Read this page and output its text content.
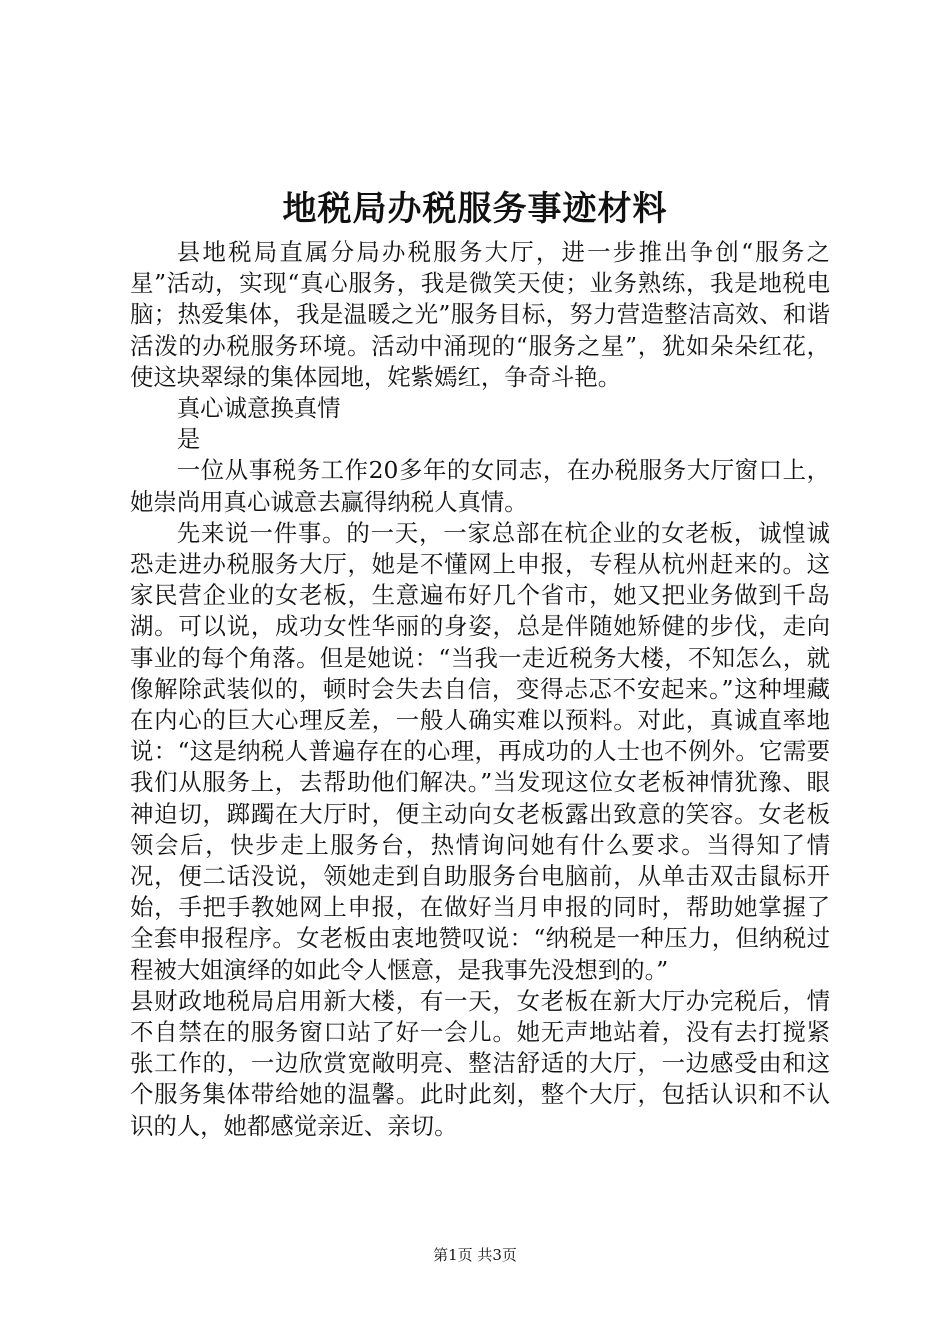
地税局办税服务事迹材料

县地税局直属分局办税服务大厅，进一步推出争创“服务之星”活动，实现“真心服务，我是微笑天使；业务熟练，我是地税电脑；热爱集体，我是温暖之光”服务目标，努力营造整洁高效、和谐活泼的办税服务环境。活动中涌现的“服务之星”，犹如朵朵红花，使这块翠绿的集体园地，姹紫嫣红，争奇斗艳。

真心诚意换真情

是

一位从事税务工作20多年的女同志，在办税服务大厅窗口上，她崇尚用真心诚意去赢得纳税人真情。

先来说一件事。的一天，一家总部在杭企业的女老板，诚惶诚恐走进办税服务大厅，她是不懂网上申报，专程从杭州赶来的。这家民营企业的女老板，生意遍布好几个省市，她又把业务做到千岛湖。可以说，成功女性华丽的身姿，总是伴随她矫健的步伐，走向事业的每个角落。但是她说：“当我一走近税务大楼，不知怎么，就像解除武装似的，顿时会失去自信，变得忐忑不安起来。”这种埋藏在内心的巨大心理反差，一般人确实难以预料。对此，真诚直率地说：“这是纳税人普遍存在的心理，再成功的人士也不例外。它需要我们从服务上，去帮助他们解决。”当发现这位女老板神情犹豫、眼神迫切，踯躅在大厅时，便主动向女老板露出致意的笑容。女老板领会后，快步走上服务台，热情询问她有什么要求。当得知了情况，便二话没说，领她走到自助服务台电脑前，从单击双击鼠标开始，手把手教她网上申报，在做好当月申报的同时，帮助她掌握了全套申报程序。女老板由衷地赞叹说：“纳税是一种压力，但纳税过程被大姐演绎的如此令人惬意，是我事先没想到的。”

县财政地税局启用新大楼，有一天，女老板在新大厅办完税后，情不自禁在的服务窗口站了好一会儿。她无声地站着，没有去打搅紧张工作的，一边欣赏宽敞明亮、整洁舒适的大厅，一边感受由和这个服务集体带给她的温馨。此时此刻，整个大厅，包括认识和不认识的人，她都感觉亲近、亲切。

第1页 共3页
